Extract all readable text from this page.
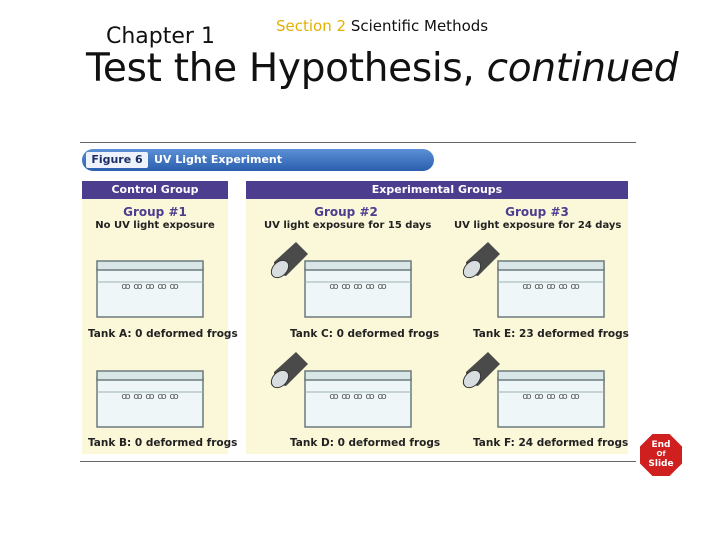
Chapter 1	Section 2 Scientific Methods
Test the Hypothesis, continued
Figure 6	UV Light Experiment
Control Group	Experimental Groups
Group #1
No UV light exposure
Group #2
UV light exposure for 15 days
Group #3
UV light exposure for 24 days
ꝏ ꝏ ꝏ ꝏ ꝏ
ꝏ ꝏ ꝏ ꝏ ꝏ
ꝏ ꝏ ꝏ ꝏ ꝏ
ꝏ ꝏ ꝏ ꝏ ꝏ
ꝏ ꝏ ꝏ ꝏ ꝏ
ꝏ ꝏ ꝏ ꝏ ꝏ
Tank A: 0 deformed frogs
Tank B: 0 deformed frogs
Tank C: 0 deformed frogs
Tank D: 0 deformed frogs
Tank E: 23 deformed frogs
Tank F: 24 deformed frogs	End
Of
Slide
